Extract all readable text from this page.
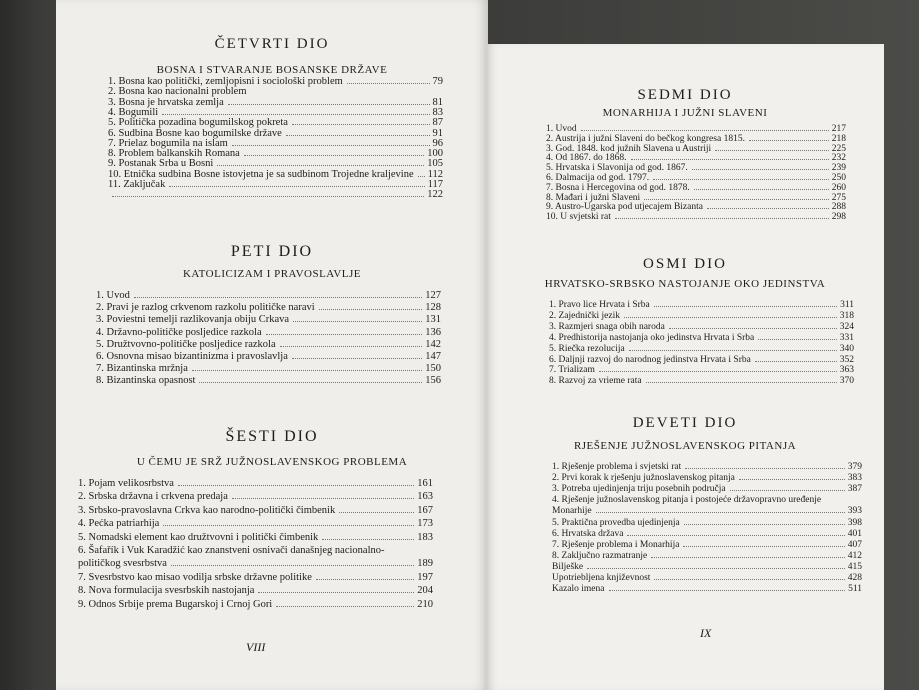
ČETVRTI DIO
BOSNA I STVARANJE BOSANSKE DRŽAVE
1. Bosna kao politički, zemljopisni i sociološki problem	79
2. Bosna kao nacionalni problem
3. Bosna je hrvatska zemlja	81
4. Bogumili	83
5. Politička pozadina bogumilskog pokreta	87
6. Sudbina Bosne kao bogumilske države	91
7. Prielaz bogumila na islam	96
8. Problem balkanskih Romana	100
9. Postanak Srba u Bosni	105
10. Etnička sudbina Bosne istovjetna je sa sudbinom Trojedne kraljevine 112
11. Zaključak	117
122
PETI DIO
KATOLICIZAM I PRAVOSLAVLJE
1. Uvod	127
2. Pravi je razlog crkvenom razkolu političke naravi	128
3. Poviestni temelji razlikovanja obiju Crkava	131
4. Državno-političke posljedice razkola	136
5. Družtvovno-političke posljedice razkola	142
6. Osnovna misao bizantinizma i pravoslavlja	147
7. Bizantinska mržnja	150
8. Bizantinska opasnost	156
ŠESTI DIO
U ČEMU JE SRŽ JUŽNOSLAVENSKOG PROBLEMA
1. Pojam velikosrbstva	161
2. Srbska državna i crkvena predaja	163
3. Srbsko-pravoslavna Crkva kao narodno-politički čimbenik	167
4. Pećka patriarhija	173
5. Nomadski element kao družtvovni i politički čimbenik	183
6. Šafařík i Vuk Karadžić kao znanstveni osnivači današnjeg nacionalno-
političkog svesrbstva	189
7. Svesrbstvo kao misao vodilja srbske državne politike	197
8. Nova formulacija svesrbskih nastojanja	204
9. Odnos Srbije prema Bugarskoj i Crnoj Gori	210
VIII
SEDMI DIO
MONARHIJA I JUŽNI SLAVENI
1. Uvod	217
2. Austrija i južni Slaveni do bečkog kongresa 1815.	218
3. God. 1848. kod južnih Slavena u Austriji	225
4. Od 1867. do 1868.	232
5. Hrvatska i Slavonija od god. 1867.	239
6. Dalmacija od god. 1797.	250
7. Bosna i Hercegovina od god. 1878.	260
8. Mađari i južni Slaveni	275
9. Austro-Ugarska pod utjecajem Bizanta	288
10. U svjetski rat	298
OSMI DIO
HRVATSKO-SRBSKO NASTOJANJE OKO JEDINSTVA
1. Pravo lice Hrvata i Srba	311
2. Zajednički jezik	318
3. Razmjeri snaga obih naroda	324
4. Predhistorija nastojanja oko jedinstva Hrvata i Srba	331
5. Riečka rezolucija	340
6. Daljnji razvoj do narodnog jedinstva Hrvata i Srba	352
7. Trializam	363
8. Razvoj za vrieme rata	370
DEVETI DIO
RJEŠENJE JUŽNOSLAVENSKOG PITANJA
1. Rješenje problema i svjetski rat	379
2. Prvi korak k rješenju južnoslavenskog pitanja	383
3. Potreba ujedinjenja triju posebnih područja	387
4. Rješenje južnoslavenskog pitanja i postojeće državopravno uređenje
Monarhije	393
5. Praktična provedba ujedinjenja	398
6. Hrvatska država	401
7. Rješenje problema i Monarhija	407
8. Zaključno razmatranje	412
Bilješke	415
Upotriebljena književnost	428
Kazalo imena	511
IX
